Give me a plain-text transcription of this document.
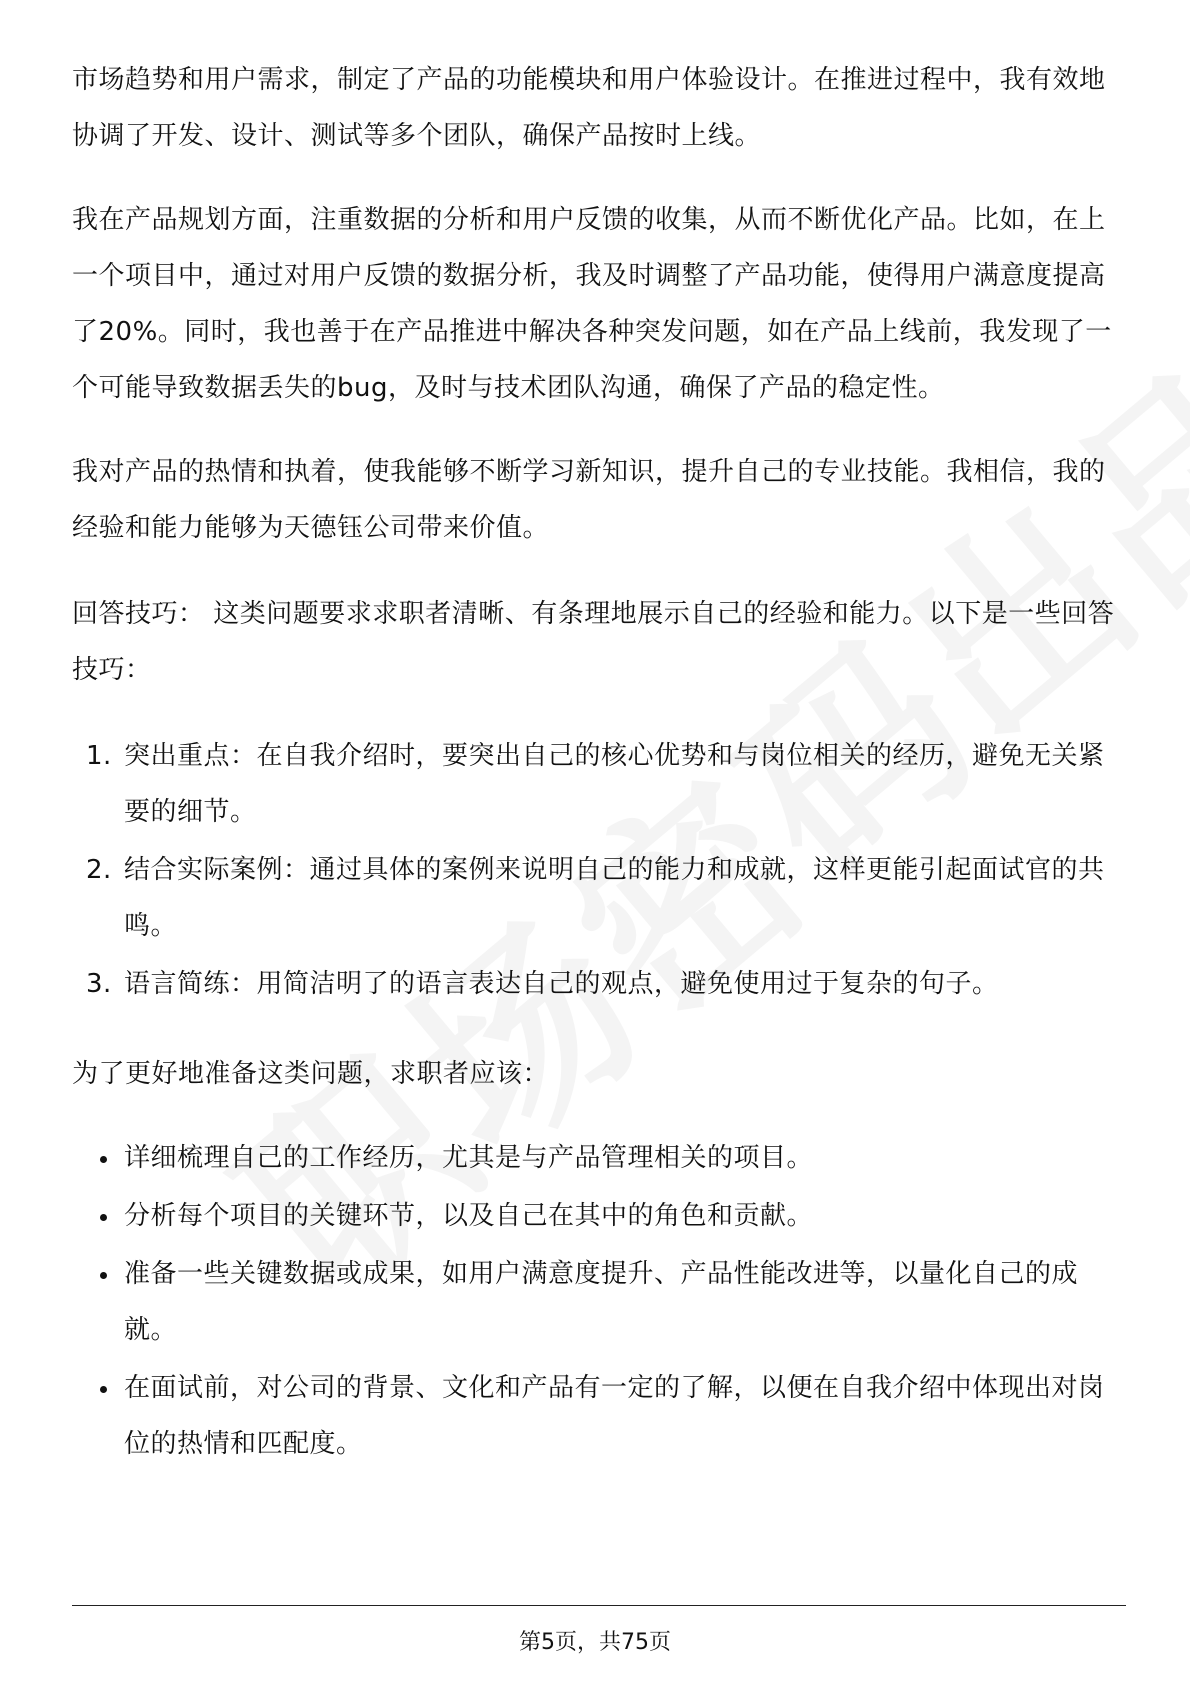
市场趋势和用户需求，制定了产品的功能模块和用户体验设计。在推进过程中，我有效地协调了开发、设计、测试等多个团队，确保产品按时上线。

我在产品规划方面，注重数据的分析和用户反馈的收集，从而不断优化产品。比如，在上一个项目中，通过对用户反馈的数据分析，我及时调整了产品功能，使得用户满意度提高了20%。同时，我也善于在产品推进中解决各种突发问题，如在产品上线前，我发现了一个可能导致数据丢失的bug，及时与技术团队沟通，确保了产品的稳定性。

我对产品的热情和执着，使我能够不断学习新知识，提升自己的专业技能。我相信，我的经验和能力能够为天德钰公司带来价值。

回答技巧： 这类问题要求求职者清晰、有条理地展示自己的经验和能力。以下是一些回答技巧：

1. 突出重点：在自我介绍时，要突出自己的核心优势和与岗位相关的经历，避免无关紧要的细节。
2. 结合实际案例：通过具体的案例来说明自己的能力和成就，这样更能引起面试官的共鸣。
3. 语言简练：用简洁明了的语言表达自己的观点，避免使用过于复杂的句子。

为了更好地准备这类问题，求职者应该：

详细梳理自己的工作经历，尤其是与产品管理相关的项目。
分析每个项目的关键环节，以及自己在其中的角色和贡献。
准备一些关键数据或成果，如用户满意度提升、产品性能改进等，以量化自己的成就。
在面试前，对公司的背景、文化和产品有一定的了解，以便在自我介绍中体现出对岗位的热情和匹配度。
第5页，共75页
